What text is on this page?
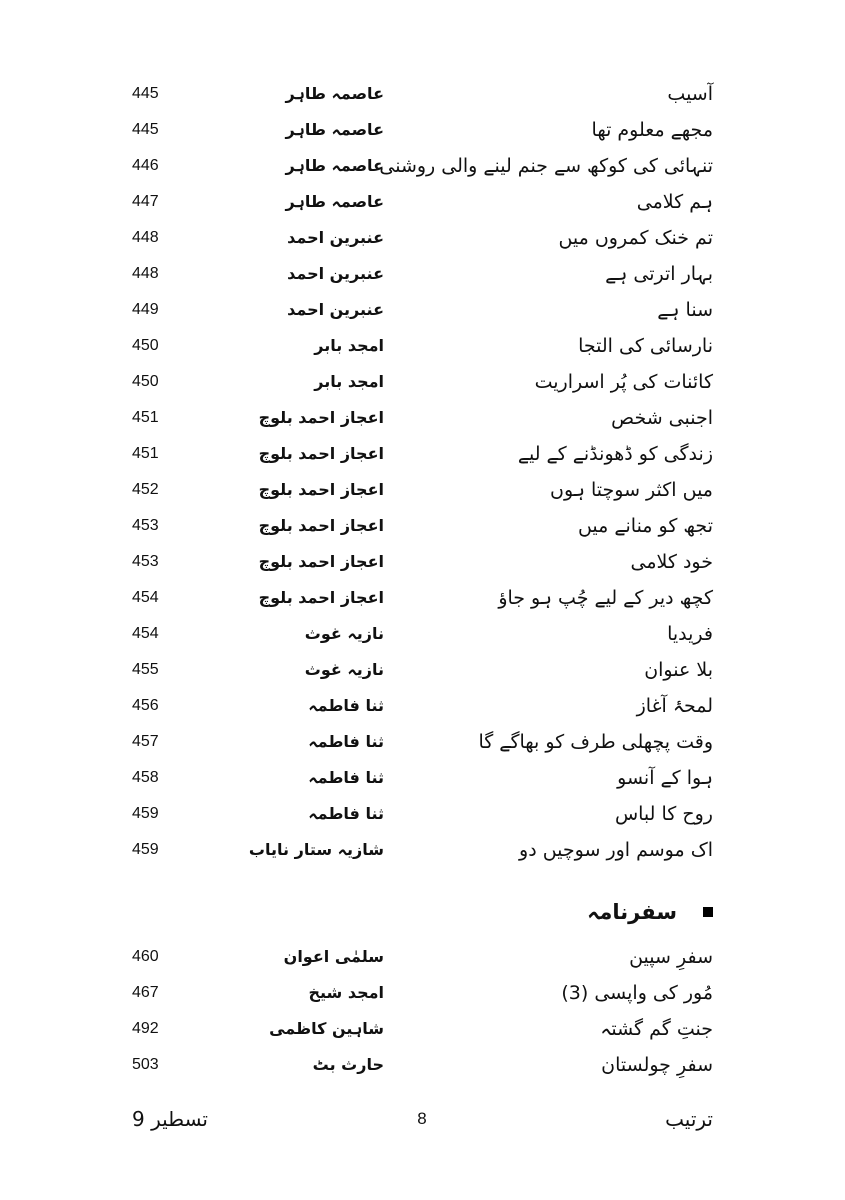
آسیب
عاصمہ طاہر
445
مجھے معلوم تھا
عاصمہ طاہر
445
تنہائی کی کوکھ سے جنم لینے والی روشنی
عاصمہ طاہر
446
ہم کلامی
عاصمہ طاہر
447
تم خنک کمروں میں
عنبرین احمد
448
بہار اترتی ہے
عنبرین احمد
448
سنا ہے
عنبرین احمد
449
نارسائی کی التجا
امجد بابر
450
کائنات کی پُر اسراریت
امجد بابر
450
اجنبی شخص
اعجاز احمد بلوچ
451
زندگی کو ڈھونڈنے کے لیے
اعجاز احمد بلوچ
451
میں اکثر سوچتا ہوں
اعجاز احمد بلوچ
452
تجھ کو منانے میں
اعجاز احمد بلوچ
453
خود کلامی
اعجاز احمد بلوچ
453
کچھ دیر کے لیے چُپ ہو جاؤ
اعجاز احمد بلوچ
454
فریدیا
نازیہ غوث
454
بلا عنوان
نازیہ غوث
455
لمحۂ آغاز
ثنا فاطمہ
456
وقت پچھلی طرف کو بھاگے گا
ثنا فاطمہ
457
ہوا کے آنسو
ثنا فاطمہ
458
روح کا لباس
ثنا فاطمہ
459
اک موسم اور سوچیں دو
شازیہ ستار نایاب
459
سفرنامہ
سفرِ سپین
سلمٰی اعوان
460
مُور کی واپسی (3)
امجد شیخ
467
جنتِ گم گشتہ
شاہین کاظمی
492
سفرِ چولستان
حارث بٹ
503
تسطیر 9	8	ترتیب
